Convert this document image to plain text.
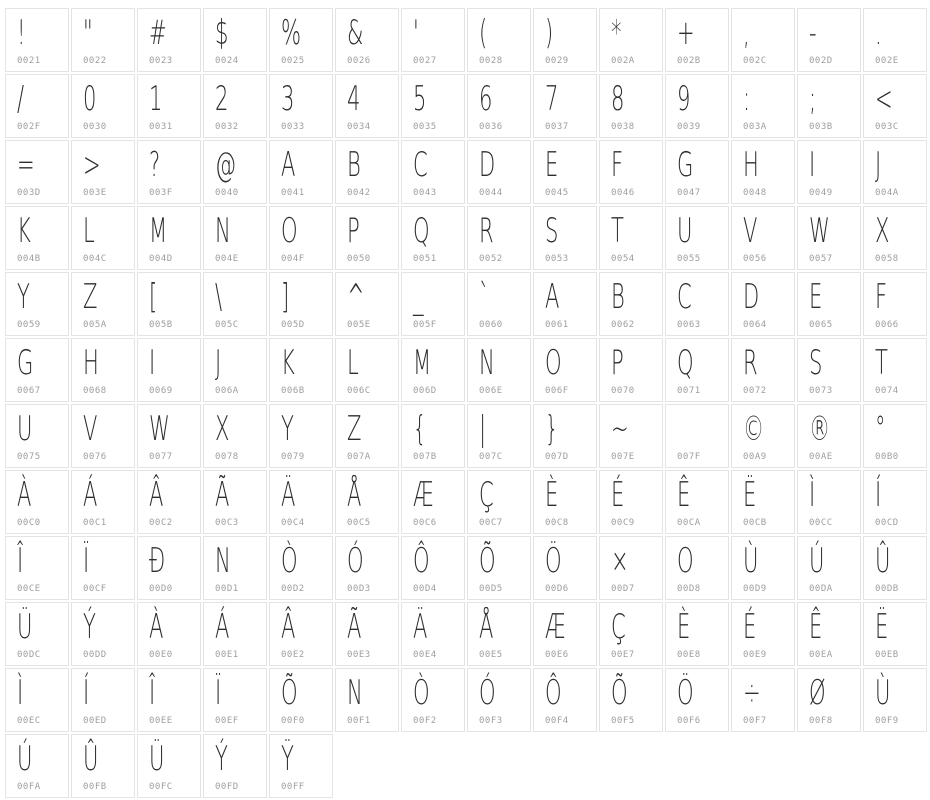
!
0021
"
0022
#
0023
$
0024
%
0025
&
0026
'
0027
(
0028
)
0029
*
002A
+
002B
,
002C
-
002D
.
002E
/
002F
0
0030
1
0031
2
0032
3
0033
4
0034
5
0035
6
0036
7
0037
8
0038
9
0039
:
003A
;
003B
<
003C
=
003D
>
003E
?
003F
@
0040
A
0041
B
0042
C
0043
D
0044
E
0045
F
0046
G
0047
H
0048
I
0049
J
004A
K
004B
L
004C
M
004D
N
004E
O
004F
P
0050
Q
0051
R
0052
S
0053
T
0054
U
0055
V
0056
W
0057
X
0058
Y
0059
Z
005A
[
005B
\
005C
]
005D
^
005E
_
005F
`
0060
A
0061
B
0062
C
0063
D
0064
E
0065
F
0066
G
0067
H
0068
I
0069
J
006A
K
006B
L
006C
M
006D
N
006E
O
006F
P
0070
Q
0071
R
0072
S
0073
T
0074
U
0075
V
0076
W
0077
X
0078
Y
0079
Z
007A
{
007B
|
007C
}
007D
~
007E	007F
©
00A9
®
00AE
°
00B0
À
00C0
Á
00C1
Â
00C2
Ã
00C3
Ä
00C4
Å
00C5
Æ
00C6
Ç
00C7
È
00C8
É
00C9
Ê
00CA
Ë
00CB
Ì
00CC
Í
00CD
Î
00CE
Ï
00CF
Ð
00D0
N
00D1
Ò
00D2
Ó
00D3
Ô
00D4
Õ
00D5
Ö
00D6
×
00D7
O
00D8
Ù
00D9
Ú
00DA
Û
00DB
Ü
00DC
Ý
00DD
À
00E0
Á
00E1
Â
00E2
Ã
00E3
Ä
00E4
Å
00E5
Æ
00E6
Ç
00E7
È
00E8
É
00E9
Ê
00EA
Ë
00EB
Ì
00EC
Í
00ED
Î
00EE
Ï
00EF
Õ
00F0
N
00F1
Ò
00F2
Ó
00F3
Ô
00F4
Õ
00F5
Ö
00F6
÷
00F7
Ø
00F8
Ù
00F9
Ú
00FA
Û
00FB
Ü
00FC
Ý
00FD
Ÿ
00FF
